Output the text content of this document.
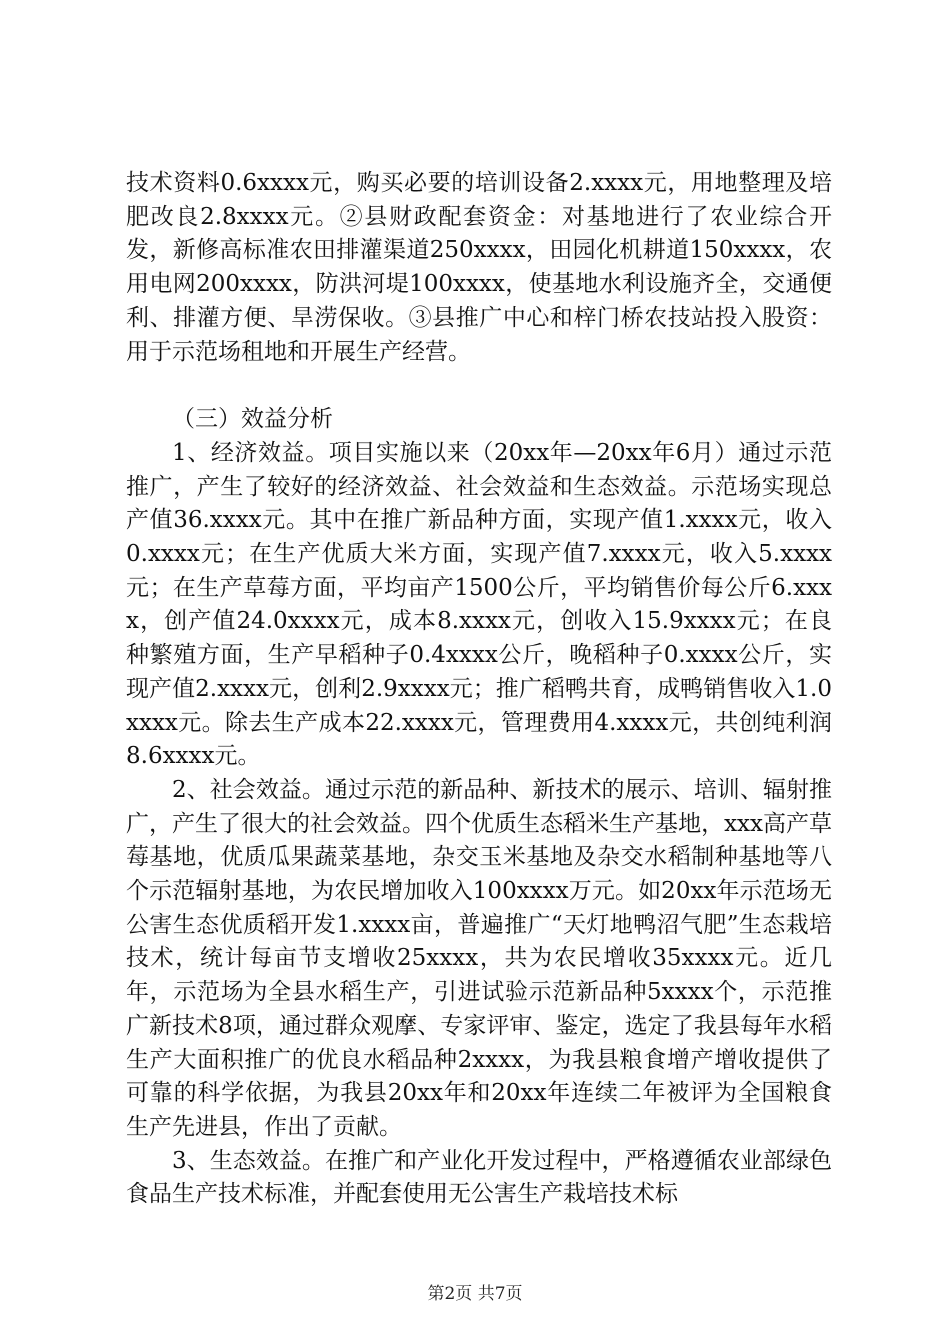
技术资料0.6xxxx元，购买必要的培训设备2.xxxx元，用地整理及培肥改良2.8xxxx元。②县财政配套资金：对基地进行了农业综合开发，新修高标准农田排灌渠道250xxxx，田园化机耕道150xxxx，农用电网200xxxx，防洪河堤100xxxx，使基地水利设施齐全，交通便利、排灌方便、旱涝保收。③县推广中心和梓门桥农技站投入股资：用于示范场租地和开展生产经营。

（三）效益分析

1、经济效益。项目实施以来（20xx年—20xx年6月）通过示范推广，产生了较好的经济效益、社会效益和生态效益。示范场实现总产值36.xxxx元。其中在推广新品种方面，实现产值1.xxxx元，收入0.xxxx元；在生产优质大米方面，实现产值7.xxxx元，收入5.xxxx元；在生产草莓方面，平均亩产1500公斤，平均销售价每公斤6.xxxx，创产值24.0xxxx元，成本8.xxxx元，创收入15.9xxxx元；在良种繁殖方面，生产早稻种子0.4xxxx公斤，晚稻种子0.xxxx公斤，实现产值2.xxxx元，创利2.9xxxx元；推广稻鸭共育，成鸭销售收入1.0xxxx元。除去生产成本22.xxxx元，管理费用4.xxxx元，共创纯利润8.6xxxx元。

2、社会效益。通过示范的新品种、新技术的展示、培训、辐射推广，产生了很大的社会效益。四个优质生态稻米生产基地，xxx高产草莓基地，优质瓜果蔬菜基地，杂交玉米基地及杂交水稻制种基地等八个示范辐射基地，为农民增加收入100xxxx万元。如20xx年示范场无公害生态优质稻开发1.xxxx亩，普遍推广“天灯地鸭沼气肥”生态栽培技术，统计每亩节支增收25xxxx，共为农民增收35xxxx元。近几年，示范场为全县水稻生产，引进试验示范新品种5xxxx个，示范推广新技术8项，通过群众观摩、专家评审、鉴定，选定了我县每年水稻生产大面积推广的优良水稻品种2xxxx，为我县粮食增产增收提供了可靠的科学依据，为我县20xx年和20xx年连续二年被评为全国粮食生产先进县，作出了贡献。

3、生态效益。在推广和产业化开发过程中，严格遵循农业部绿色食品生产技术标准，并配套使用无公害生产栽培技术标

第2页 共7页
